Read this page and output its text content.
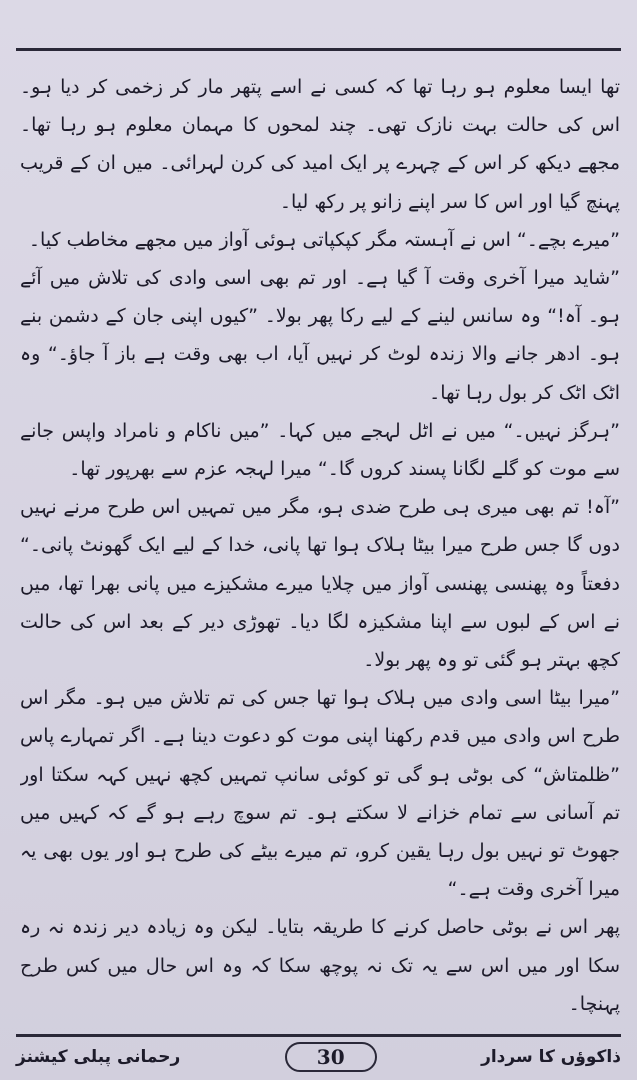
تھا ایسا معلوم ہو رہا تھا کہ کسی نے اسے پتھر مار کر زخمی کر دیا ہو۔ اس کی حالت بہت نازک تھی۔ چند لمحوں کا مہمان معلوم ہو رہا تھا۔ مجھے دیکھ کر اس کے چہرے پر ایک امید کی کرن لہرائی۔ میں ان کے قریب پہنچ گیا اور اس کا سر اپنے زانو پر رکھ لیا۔

”میرے بچے۔“ اس نے آہستہ مگر کپکپاتی ہوئی آواز میں مجھے مخاطب کیا۔

”شاید میرا آخری وقت آ گیا ہے۔ اور تم بھی اسی وادی کی تلاش میں آئے ہو۔ آہ!“ وہ سانس لینے کے لیے رکا پھر بولا۔ ”کیوں اپنی جان کے دشمن بنے ہو۔ ادھر جانے والا زندہ لوٹ کر نہیں آیا، اب بھی وقت ہے باز آ جاؤ۔“ وہ اٹک اٹک کر بول رہا تھا۔

”ہرگز نہیں۔“ میں نے اٹل لہجے میں کہا۔ ”میں ناکام و نامراد واپس جانے سے موت کو گلے لگانا پسند کروں گا۔“ میرا لہجہ عزم سے بھرپور تھا۔

”آہ! تم بھی میری ہی طرح ضدی ہو، مگر میں تمہیں اس طرح مرنے نہیں دوں گا جس طرح میرا بیٹا ہلاک ہوا تھا پانی، خدا کے لیے ایک گھونٹ پانی۔“ دفعتاً وہ پھنسی پھنسی آواز میں چلایا میرے مشکیزے میں پانی بھرا تھا، میں نے اس کے لبوں سے اپنا مشکیزہ لگا دیا۔ تھوڑی دیر کے بعد اس کی حالت کچھ بہتر ہو گئی تو وہ پھر بولا۔

”میرا بیٹا اسی وادی میں ہلاک ہوا تھا جس کی تم تلاش میں ہو۔ مگر اس طرح اس وادی میں قدم رکھنا اپنی موت کو دعوت دینا ہے۔ اگر تمہارے پاس ”ظلمتاش“ کی بوٹی ہو گی تو کوئی سانپ تمہیں کچھ نہیں کہہ سکتا اور تم آسانی سے تمام خزانے لا سکتے ہو۔ تم سوچ رہے ہو گے کہ کہیں میں جھوٹ تو نہیں بول رہا یقین کرو، تم میرے بیٹے کی طرح ہو اور یوں بھی یہ میرا آخری وقت ہے۔“

پھر اس نے بوٹی حاصل کرنے کا طریقہ بتایا۔ لیکن وہ زیادہ دیر زندہ نہ رہ سکا اور میں اس سے یہ تک نہ پوچھ سکا کہ وہ اس حال میں کس طرح پہنچا۔

رحمانی پبلی کیشنز	30	ذاکوؤں کا سردار
